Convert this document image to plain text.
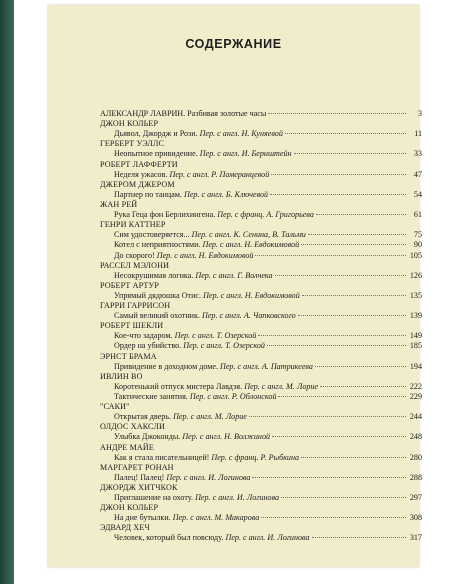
СОДЕРЖАНИЕ
АЛЕКСАНДР ЛАВРИН. Разбивая золотые часы	3
ДЖОН КОЛЬЕР
Дьявол, Джордж и Рози. Пер. с англ. Н. Куняевой	11
ГЕРБЕРТ УЭЛЛС
Неопытное привидение. Пер. с англ. И. Бернштейн	33
РОБЕРТ ЛАФФЕРТИ
Неделя ужасов. Пер. с англ. Р. Померанцевой	47
ДЖЕРОМ ДЖЕРОМ
Партнер по танцам. Пер. с англ. Б. Ключевой	54
ЖАН РЕЙ
Рука Геца фон Берлихингена. Пер. с франц. А. Григорьева	61
ГЕНРИ КАТТНЕР
Сим удостоверяется... Пер. с англ. К. Сенина, В. Тальми	75
Котел с неприятностями. Пер. с англ. Н. Евдокимовой	90
До скорого! Пер. с англ. Н. Евдокимовой	105
РАССЕЛ МЭЛОНИ
Несокрушимая логика. Пер. с англ. Г. Волчека	126
РОБЕРТ АРТУР
Упрямый дядюшка Отис. Пер. с англ. Н. Евдокимовой	135
ГАРРИ ГАРРИСОН
Самый великий охотник. Пер. с англ. А. Чапковского	139
РОБЕРТ ШЕКЛИ
Кое-что задаром. Пер. с англ. Т. Озерской	149
Ордер на убийство. Пер. с англ. Т. Озерской	185
ЭРНСТ БРАМА
Привидение в доходном доме. Пер. с англ. А. Патрикеева	194
ИВЛИН ВО
Коротенький отпуск мистера Лавдэя. Пер. с англ. М. Лорие	222
Тактические занятия. Пер. с англ. Р. Облонской	229
"САКИ"
Открытая дверь. Пер. с англ. М. Лорие	244
ОЛДОС ХАКСЛИ
Улыбка Джоконды. Пер. с англ. Н. Волжиной	248
АНДРЕ МАЙЕ
Как я стала писательницей! Пер. с франц. Р. Рыбкина	280
МАРГАРЕТ РОНАН
Палец! Палец! Пер. с англ. И. Логинова	288
ДЖОРДЖ ХИТЧКОК
Приглашение на охоту. Пер. с англ. И. Логинова	297
ДЖОН КОЛЬЕР
На дне бутылки. Пер. с англ. М. Макарова	308
ЭДВАРД ХЕЧ
Человек, который был повсюду. Пер. с англ. И. Логинова	317
